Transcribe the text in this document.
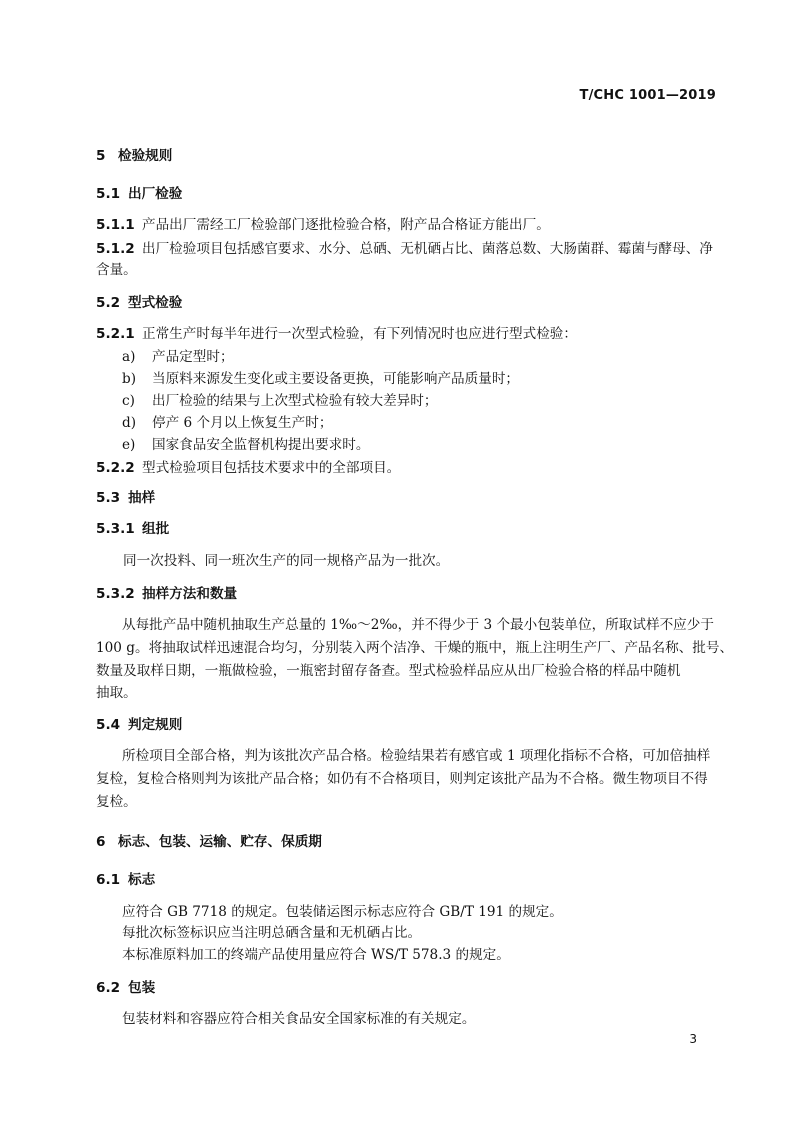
T/CHC 1001—2019
5 检验规则
5.1 出厂检验
5.1.1 产品出厂需经工厂检验部门逐批检验合格，附产品合格证方能出厂。
5.1.2 出厂检验项目包括感官要求、水分、总硒、无机硒占比、菌落总数、大肠菌群、霉菌与酵母、净
含量。
5.2 型式检验
5.2.1 正常生产时每半年进行一次型式检验，有下列情况时也应进行型式检验：
a) 产品定型时；
b) 当原料来源发生变化或主要设备更换，可能影响产品质量时；
c) 出厂检验的结果与上次型式检验有较大差异时；
d) 停产 6 个月以上恢复生产时；
e) 国家食品安全监督机构提出要求时。
5.2.2 型式检验项目包括技术要求中的全部项目。
5.3 抽样
5.3.1 组批
同一次投料、同一班次生产的同一规格产品为一批次。
5.3.2 抽样方法和数量
从每批产品中随机抽取生产总量的 1‰～2‰，并不得少于 3 个最小包装单位，所取试样不应少于
100 g。将抽取试样迅速混合均匀，分别装入两个洁净、干燥的瓶中，瓶上注明生产厂、产品名称、批号、
数量及取样日期，一瓶做检验，一瓶密封留存备查。型式检验样品应从出厂检验合格的样品中随机
抽取。
5.4 判定规则
所检项目全部合格，判为该批次产品合格。检验结果若有感官或 1 项理化指标不合格，可加倍抽样
复检，复检合格则判为该批产品合格；如仍有不合格项目，则判定该批产品为不合格。微生物项目不得
复检。
6 标志、包装、运输、贮存、保质期
6.1 标志
应符合 GB 7718 的规定。包装储运图示标志应符合 GB/T 191 的规定。
每批次标签标识应当注明总硒含量和无机硒占比。
本标准原料加工的终端产品使用量应符合 WS/T 578.3 的规定。
6.2 包装
包装材料和容器应符合相关食品安全国家标准的有关规定。
3
